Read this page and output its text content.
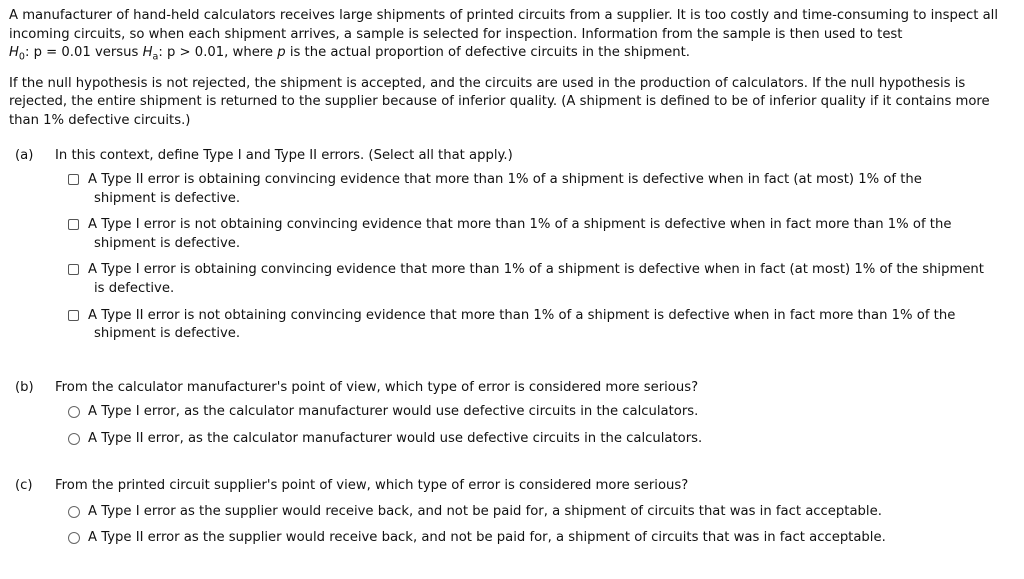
A manufacturer of hand-held calculators receives large shipments of printed circuits from a supplier. It is too costly and time-consuming to inspect all incoming circuits, so when each shipment arrives, a sample is selected for inspection. Information from the sample is then used to test
$H_0$: p = 0.01 versus $H_a$: p > 0.01, where p is the actual proportion of defective circuits in the shipment.

If the null hypothesis is not rejected, the shipment is accepted, and the circuits are used in the production of calculators. If the null hypothesis is rejected, the entire shipment is returned to the supplier because of inferior quality. (A shipment is defined to be of inferior quality if it contains more than 1% defective circuits.)

(a)	In this context, define Type I and Type II errors. (Select all that apply.)
A Type II error is obtaining convincing evidence that more than 1% of a shipment is defective when in fact (at most) 1% of the
shipment is defective.
A Type I error is not obtaining convincing evidence that more than 1% of a shipment is defective when in fact more than 1% of the
shipment is defective.
A Type I error is obtaining convincing evidence that more than 1% of a shipment is defective when in fact (at most) 1% of the shipment
is defective.
A Type II error is not obtaining convincing evidence that more than 1% of a shipment is defective when in fact more than 1% of the
shipment is defective.
(b)	From the calculator manufacturer's point of view, which type of error is considered more serious?
A Type I error, as the calculator manufacturer would use defective circuits in the calculators.
A Type II error, as the calculator manufacturer would use defective circuits in the calculators.
(c)	From the printed circuit supplier's point of view, which type of error is considered more serious?
A Type I error as the supplier would receive back, and not be paid for, a shipment of circuits that was in fact acceptable.
A Type II error as the supplier would receive back, and not be paid for, a shipment of circuits that was in fact acceptable.
